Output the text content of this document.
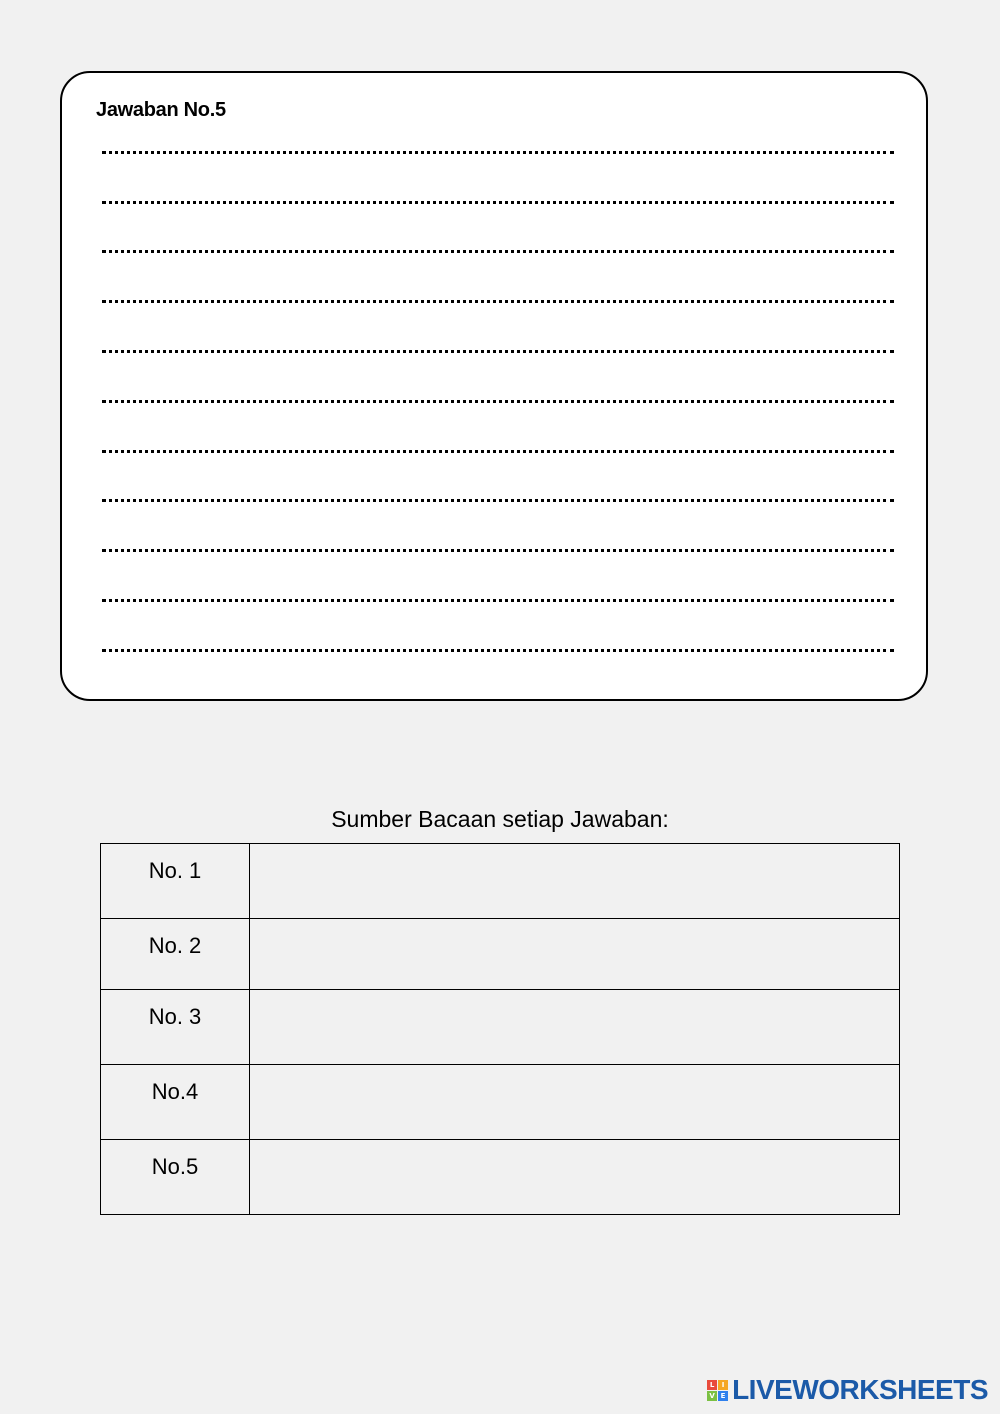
Jawaban No.5
Sumber Bacaan setiap Jawaban:
No. 1	

No. 2	

No. 3	

No.4	

No.5	

L	I
V E LIVEWORKSHEETS
